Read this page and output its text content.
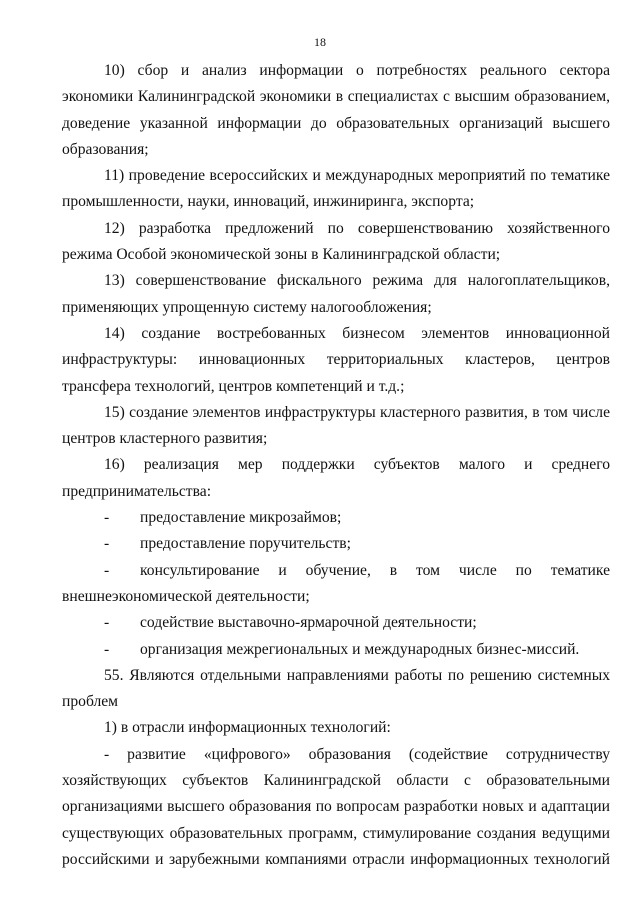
18

10) сбор и анализ информации о потребностях реального сектора экономики Калининградской экономики в специалистах с высшим образованием, доведение указанной информации до образовательных организаций высшего образования;

11) проведение всероссийских и международных мероприятий по тематике промышленности, науки, инноваций, инжиниринга, экспорта;

12) разработка предложений по совершенствованию хозяйственного режима Особой экономической зоны в Калининградской области;

13) совершенствование фискального режима для налогоплательщиков, применяющих упрощенную систему налогообложения;

14) создание востребованных бизнесом элементов инновационной инфраструктуры: инновационных территориальных кластеров, центров трансфера технологий, центров компетенций и т.д.;

15) создание элементов инфраструктуры кластерного развития, в том числе центров кластерного развития;

16) реализация мер поддержки субъектов малого и среднего предпринимательства:

- предоставление микрозаймов;

- предоставление поручительств;

- консультирование и обучение, в том числе по тематике внешнеэкономической деятельности;

- содействие выставочно-ярмарочной деятельности;

- организация межрегиональных и международных бизнес-миссий.

55. Являются отдельными направлениями работы по решению системных проблем

1) в отрасли информационных технологий:

- развитие «цифрового» образования (содействие сотрудничеству хозяйствующих субъектов Калининградской области с образовательными организациями высшего образования по вопросам разработки новых и адаптации существующих образовательных программ, стимулирование создания ведущими российскими и зарубежными компаниями отрасли информационных технологий
